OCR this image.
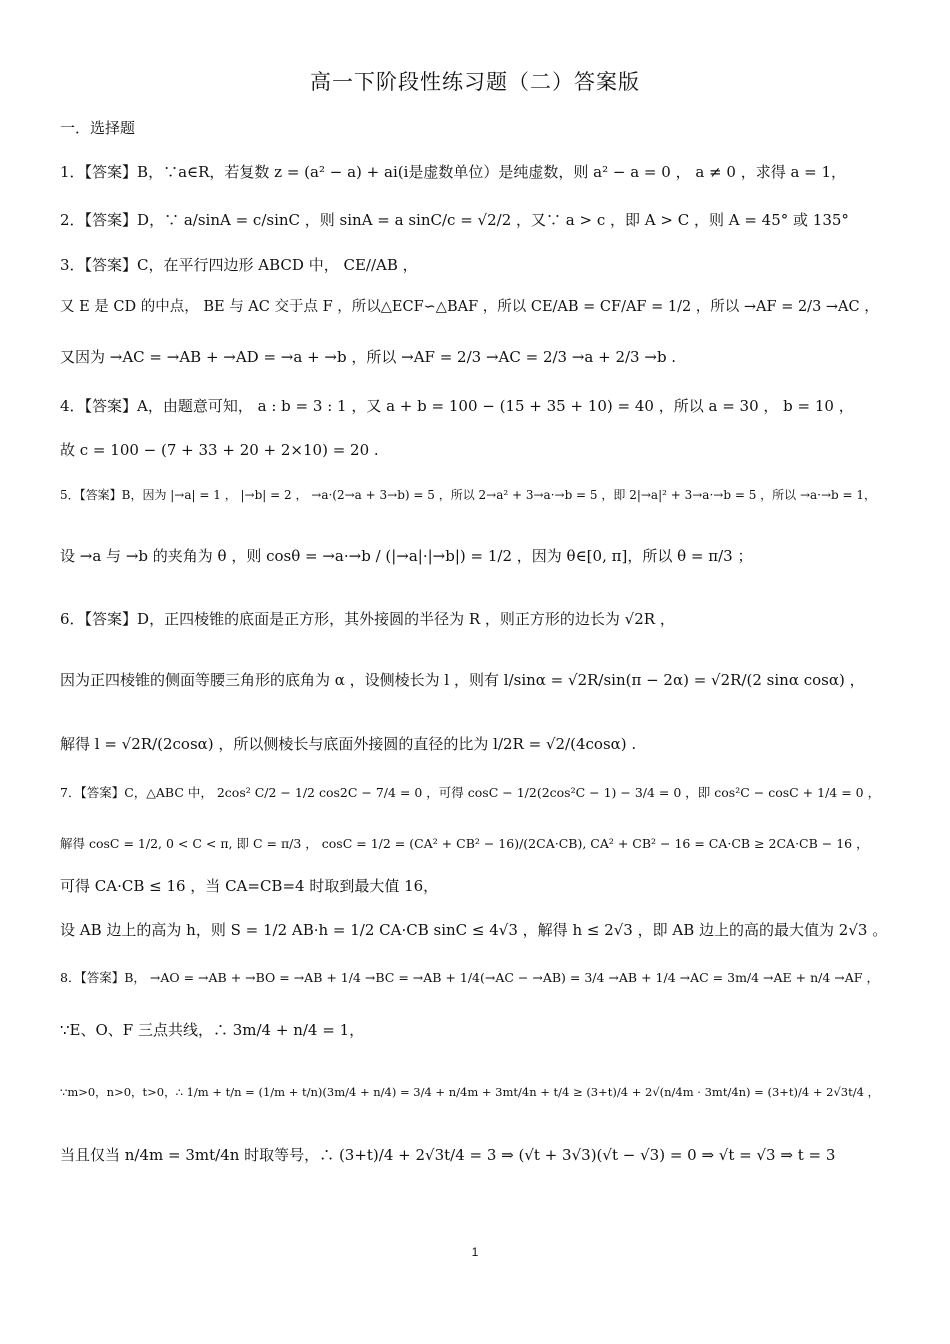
高一下阶段性练习题（二）答案版
一．选择题
1．【答案】B，∵a∈R，若复数 z = (a² − a) + ai(i是虚数单位）是纯虚数，则 a² − a = 0 ， a ≠ 0 ，求得 a = 1，
2．【答案】D，∵ a/sinA = c/sinC ，则 sinA = a sinC/c = √2/2 ，又∵ a > c ，即 A > C ，则 A = 45° 或 135°
3．【答案】C，在平行四边形 ABCD 中， CE//AB ，
又 E 是 CD 的中点， BE 与 AC 交于点 F ，所以△ECF∽△BAF ，所以 CE/AB = CF/AF = 1/2 ，所以 →AF = 2/3 →AC ，
又因为 →AC = →AB + →AD = →a + →b ，所以 →AF = 2/3 →AC = 2/3 →a + 2/3 →b .
4．【答案】A，由题意可知， a : b = 3 : 1 ，又 a + b = 100 − (15 + 35 + 10) = 40 ，所以 a = 30 ， b = 10 ，
故 c = 100 − (7 + 33 + 20 + 2×10) = 20 .
5．【答案】B，因为 |→a| = 1 ， |→b| = 2 ， →a·(2→a + 3→b) = 5 ，所以 2→a² + 3→a·→b = 5 ，即 2|→a|² + 3→a·→b = 5 ，所以 →a·→b = 1，
设 →a 与 →b 的夹角为 θ ，则 cosθ = →a·→b / (|→a|·|→b|) = 1/2 ，因为 θ∈[0, π]，所以 θ = π/3 ；
6．【答案】D，正四棱锥的底面是正方形，其外接圆的半径为 R ，则正方形的边长为 √2R ，
因为正四棱锥的侧面等腰三角形的底角为 α ，设侧棱长为 l ，则有 l/sinα = √2R/sin(π − 2α) = √2R/(2 sinα cosα) ，
解得 l = √2R/(2cosα) ，所以侧棱长与底面外接圆的直径的比为 l/2R = √2/(4cosα) .
7．【答案】C，△ABC 中， 2cos² C/2 − 1/2 cos2C − 7/4 = 0 ，可得 cosC − 1/2(2cos²C − 1) − 3/4 = 0 ，即 cos²C − cosC + 1/4 = 0 ，
解得 cosC = 1/2, 0 < C < π, 即 C = π/3 ， cosC = 1/2 = (CA² + CB² − 16)/(2CA·CB), CA² + CB² − 16 = CA·CB ≥ 2CA·CB − 16 ，
可得 CA·CB ≤ 16 ，当 CA=CB=4 时取到最大值 16，
设 AB 边上的高为 h，则 S = 1/2 AB·h = 1/2 CA·CB sinC ≤ 4√3 ，解得 h ≤ 2√3 ，即 AB 边上的高的最大值为 2√3 。
8．【答案】B， →AO = →AB + →BO = →AB + 1/4 →BC = →AB + 1/4(→AC − →AB) = 3/4 →AB + 1/4 →AC = 3m/4 →AE + n/4 →AF ，
∵E、O、F 三点共线，∴ 3m/4 + n/4 = 1，
∵m>0，n>0，t>0，∴ 1/m + t/n = (1/m + t/n)(3m/4 + n/4) = 3/4 + n/4m + 3mt/4n + t/4 ≥ (3+t)/4 + 2√(n/4m · 3mt/4n) = (3+t)/4 + 2√3t/4 ，
当且仅当 n/4m = 3mt/4n 时取等号，∴ (3+t)/4 + 2√3t/4 = 3 ⇒ (√t + 3√3)(√t − √3) = 0 ⇒ √t = √3 ⇒ t = 3
1
